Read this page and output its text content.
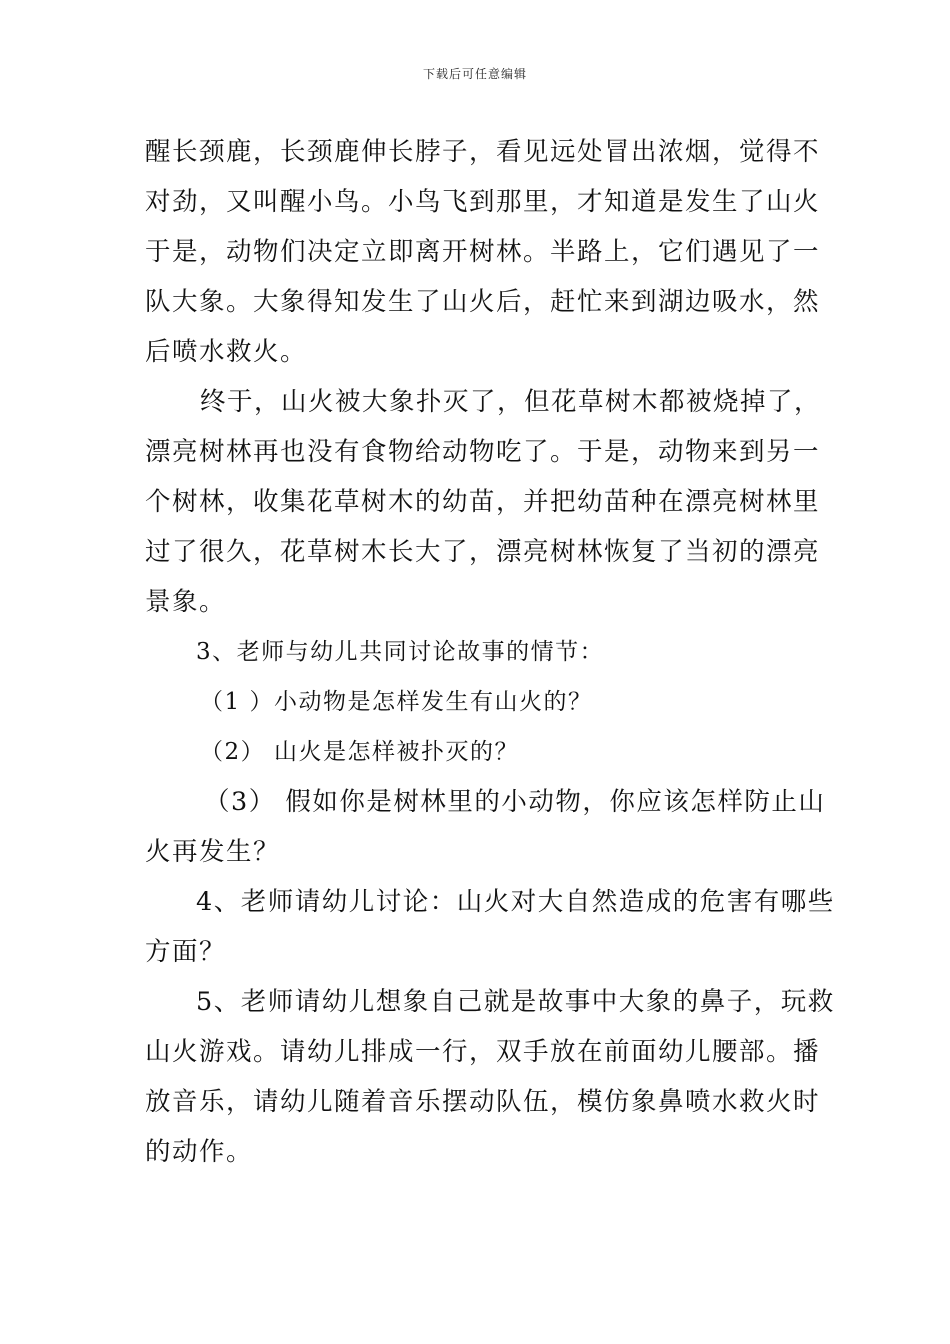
下载后可任意编辑
醒长颈鹿，长颈鹿伸长脖子，看见远处冒出浓烟，觉得不
对劲，又叫醒小鸟。小鸟飞到那里，才知道是发生了山火
于是，动物们决定立即离开树林。半路上，它们遇见了一
队大象。大象得知发生了山火后，赶忙来到湖边吸水，然
后喷水救火。
终于，山火被大象扑灭了，但花草树木都被烧掉了，
漂亮树林再也没有食物给动物吃了。于是，动物来到另一
个树林，收集花草树木的幼苗，并把幼苗种在漂亮树林里
过了很久，花草树木长大了，漂亮树林恢复了当初的漂亮
景象。
3、老师与幼儿共同讨论故事的情节：
（1 ）小动物是怎样发生有山火的？
（2） 山火是怎样被扑灭的？
（3） 假如你是树林里的小动物，你应该怎样防止山
火再发生？
4、老师请幼儿讨论：山火对大自然造成的危害有哪些
方面？
5、老师请幼儿想象自己就是故事中大象的鼻子，玩救
山火游戏。请幼儿排成一行，双手放在前面幼儿腰部。播
放音乐，请幼儿随着音乐摆动队伍，模仿象鼻喷水救火时
的动作。
